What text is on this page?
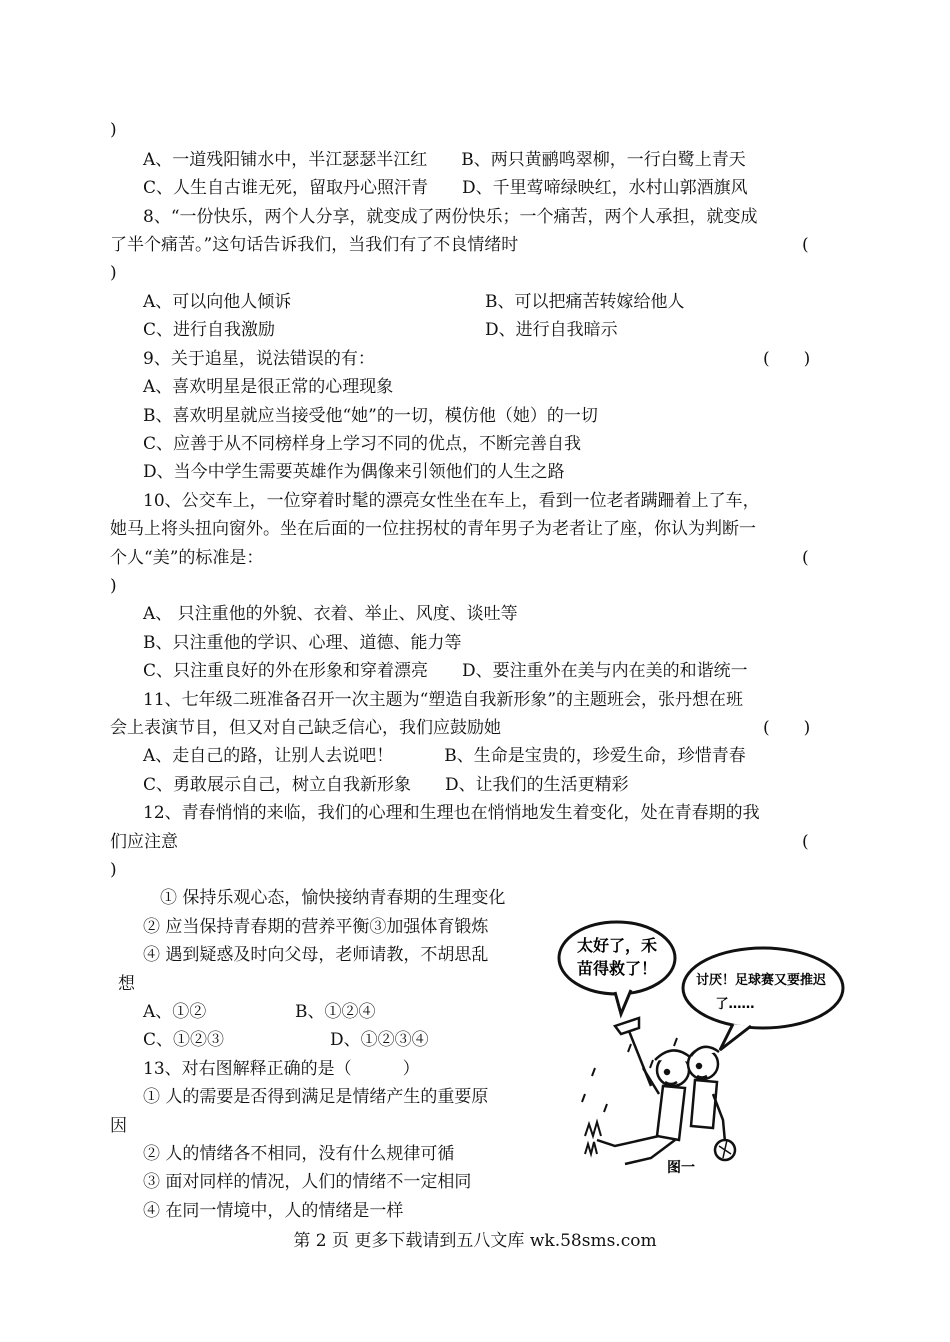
)
A、一道残阳铺水中，半江瑟瑟半江红　　B、两只黄鹂鸣翠柳，一行白鹭上青天
C、人生自古谁无死，留取丹心照汗青　　D、千里莺啼绿映红，水村山郭酒旗风
8、“一份快乐，两个人分享，就变成了两份快乐；一个痛苦，两个人承担，就变成
了半个痛苦。”这句话告诉我们，当我们有了不良情绪时	(
)
A、可以向他人倾诉	B、可以把痛苦转嫁给他人
C、进行自我激励	D、进行自我暗示
9、关于追星，说法错误的有：	(　　)
A、喜欢明星是很正常的心理现象
B、喜欢明星就应当接受他“她”的一切，模仿他（她）的一切
C、应善于从不同榜样身上学习不同的优点，不断完善自我
D、当今中学生需要英雄作为偶像来引领他们的人生之路
10、公交车上，一位穿着时髦的漂亮女性坐在车上，看到一位老者蹒跚着上了车，
她马上将头扭向窗外。坐在后面的一位拄拐杖的青年男子为老者让了座，你认为判断一
个人“美”的标准是：	(
)
A、 只注重他的外貌、衣着、举止、风度、谈吐等
B、只注重他的学识、心理、道德、能力等
C、只注重良好的外在形象和穿着漂亮　　D、要注重外在美与内在美的和谐统一
11、七年级二班准备召开一次主题为“塑造自我新形象”的主题班会，张丹想在班
会上表演节目，但又对自己缺乏信心，我们应鼓励她	(　　)
A、走自己的路，让别人去说吧！　　　B、生命是宝贵的，珍爱生命，珍惜青春
C、勇敢展示自己，树立自我新形象　　D、让我们的生活更精彩
12、青春悄悄的来临，我们的心理和生理也在悄悄地发生着变化，处在青春期的我
们应注意	(
)
① 保持乐观心态，愉快接纳青春期的生理变化
② 应当保持青春期的营养平衡③加强体育锻炼
④ 遇到疑惑及时向父母，老师请教，不胡思乱
想
A、①②	B、①②④
C、①②③	D、①②③④
13、对右图解释正确的是（　　　）
① 人的需要是否得到满足是情绪产生的重要原
因
② 人的情绪各不相同，没有什么规律可循
③ 面对同样的情况，人们的情绪不一定相同
④ 在同一情境中，人的情绪是一样
太好了，禾
苗得救了！
讨厌！足球赛又要推迟
了……
图一
第 2 页 更多下载请到五八文库 wk.58sms.com
